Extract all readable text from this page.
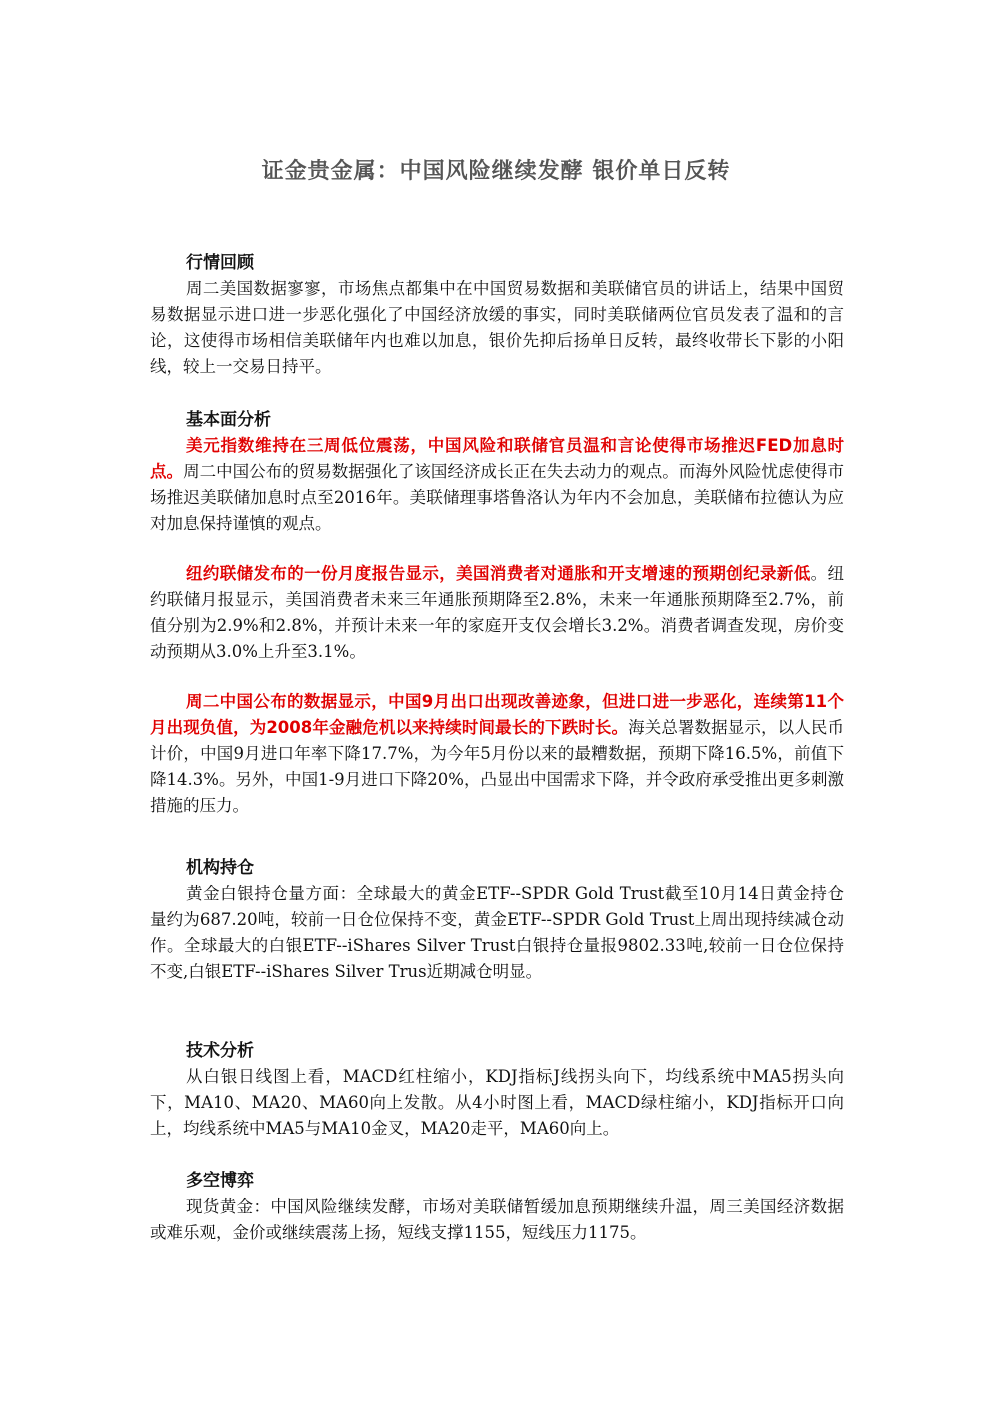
证金贵金属：中国风险继续发酵 银价单日反转
行情回顾

周二美国数据寥寥，市场焦点都集中在中国贸易数据和美联储官员的讲话上，结果中国贸易数据显示进口进一步恶化强化了中国经济放缓的事实，同时美联储两位官员发表了温和的言论，这使得市场相信美联储年内也难以加息，银价先抑后扬单日反转，最终收带长下影的小阳线，较上一交易日持平。

基本面分析

美元指数维持在三周低位震荡，中国风险和联储官员温和言论使得市场推迟FED加息时点。周二中国公布的贸易数据强化了该国经济成长正在失去动力的观点。而海外风险忧虑使得市场推迟美联储加息时点至2016年。美联储理事塔鲁洛认为年内不会加息，美联储布拉德认为应对加息保持谨慎的观点。

纽约联储发布的一份月度报告显示，美国消费者对通胀和开支增速的预期创纪录新低。纽约联储月报显示，美国消费者未来三年通胀预期降至2.8%，未来一年通胀预期降至2.7%，前值分别为2.9%和2.8%，并预计未来一年的家庭开支仅会增长3.2%。消费者调查发现，房价变动预期从3.0%上升至3.1%。

周二中国公布的数据显示，中国9月出口出现改善迹象，但进口进一步恶化，连续第11个月出现负值，为2008年金融危机以来持续时间最长的下跌时长。海关总署数据显示，以人民币计价，中国9月进口年率下降17.7%，为今年5月份以来的最糟数据，预期下降16.5%，前值下降14.3%。另外，中国1-9月进口下降20%，凸显出中国需求下降，并令政府承受推出更多刺激措施的压力。

机构持仓

黄金白银持仓量方面：全球最大的黄金ETF--SPDR Gold Trust截至10月14日黄金持仓量约为687.20吨，较前一日仓位保持不变，黄金ETF--SPDR Gold Trust上周出现持续减仓动作。全球最大的白银ETF--iShares Silver Trust白银持仓量报9802.33吨,较前一日仓位保持不变,白银ETF--iShares Silver Trus近期减仓明显。

技术分析

从白银日线图上看，MACD红柱缩小，KDJ指标J线拐头向下，均线系统中MA5拐头向下，MA10、MA20、MA60向上发散。从4小时图上看，MACD绿柱缩小，KDJ指标开口向上，均线系统中MA5与MA10金叉，MA20走平，MA60向上。

多空博弈

现货黄金：中国风险继续发酵，市场对美联储暂缓加息预期继续升温，周三美国经济数据或难乐观，金价或继续震荡上扬，短线支撑1155，短线压力1175。
